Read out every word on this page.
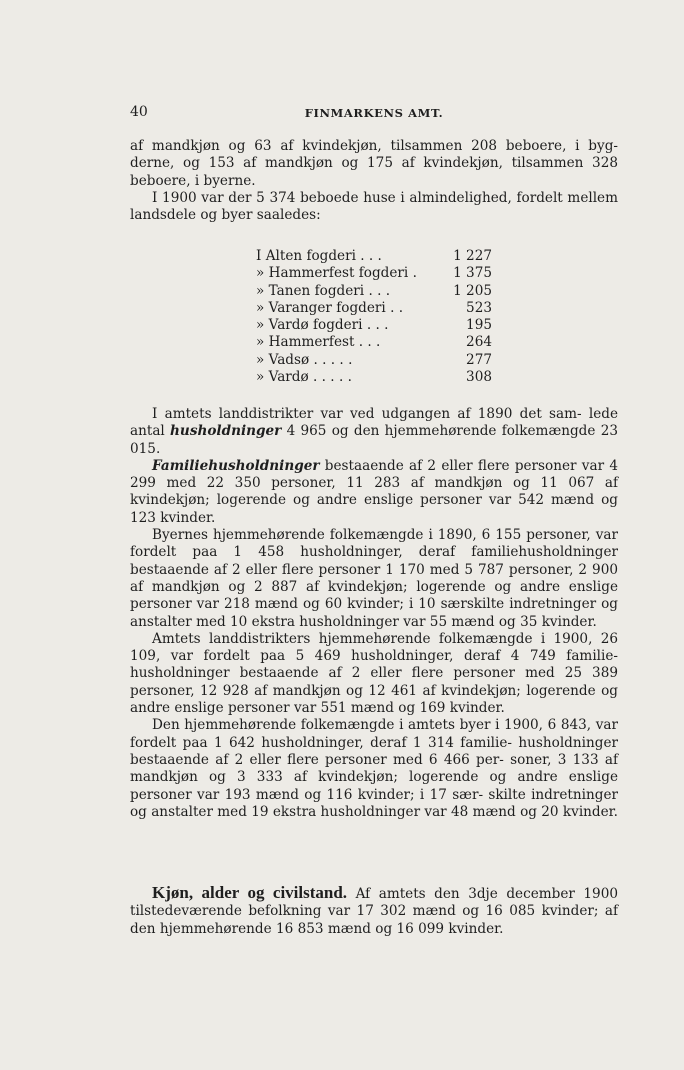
40	FINMARKENS AMT.

af mandkjøn og 63 af kvindekjøn, tilsammen 208 beboere, i byg- derne, og 153 af mandkjøn og 175 af kvindekjøn, tilsammen 328 beboere, i byerne.

I 1900 var der 5 374 beboede huse i almindelighed, fordelt mellem landsdele og byer saaledes:

I Alten fogderi . . .	1 227
» Hammerfest fogderi .	1 375
» Tanen fogderi . . .	1 205
» Varanger fogderi . .	523
» Vardø fogderi . . .	195
» Hammerfest . . .	264
» Vadsø . . . . .	277
» Vardø . . . . .	308

I amtets landdistrikter var ved udgangen af 1890 det sam- lede antal husholdninger 4 965 og den hjemmehørende folkemængde 23 015.

Familiehusholdninger bestaaende af 2 eller flere personer var 4 299 med 22 350 personer, 11 283 af mandkjøn og 11 067 af kvindekjøn; logerende og andre enslige personer var 542 mænd og 123 kvinder.

Byernes hjemmehørende folkemængde i 1890, 6 155 personer, var fordelt paa 1 458 husholdninger, deraf familiehusholdninger bestaaende af 2 eller flere personer 1 170 med 5 787 personer, 2 900 af mandkjøn og 2 887 af kvindekjøn; logerende og andre enslige personer var 218 mænd og 60 kvinder; i 10 særskilte indretninger og anstalter med 10 ekstra husholdninger var 55 mænd og 35 kvinder.

Amtets landdistrikters hjemmehørende folkemængde i 1900, 26 109, var fordelt paa 5 469 husholdninger, deraf 4 749 familie- husholdninger bestaaende af 2 eller flere personer med 25 389 personer, 12 928 af mandkjøn og 12 461 af kvindekjøn; logerende og andre enslige personer var 551 mænd og 169 kvinder.

Den hjemmehørende folkemængde i amtets byer i 1900, 6 843, var fordelt paa 1 642 husholdninger, deraf 1 314 familie- husholdninger bestaaende af 2 eller flere personer med 6 466 per- soner, 3 133 af mandkjøn og 3 333 af kvindekjøn; logerende og andre enslige personer var 193 mænd og 116 kvinder; i 17 sær- skilte indretninger og anstalter med 19 ekstra husholdninger var 48 mænd og 20 kvinder.

Kjøn, alder og civilstand. Af amtets den 3dje december 1900 tilstedeværende befolkning var 17 302 mænd og 16 085 kvinder; af den hjemmehørende 16 853 mænd og 16 099 kvinder.
